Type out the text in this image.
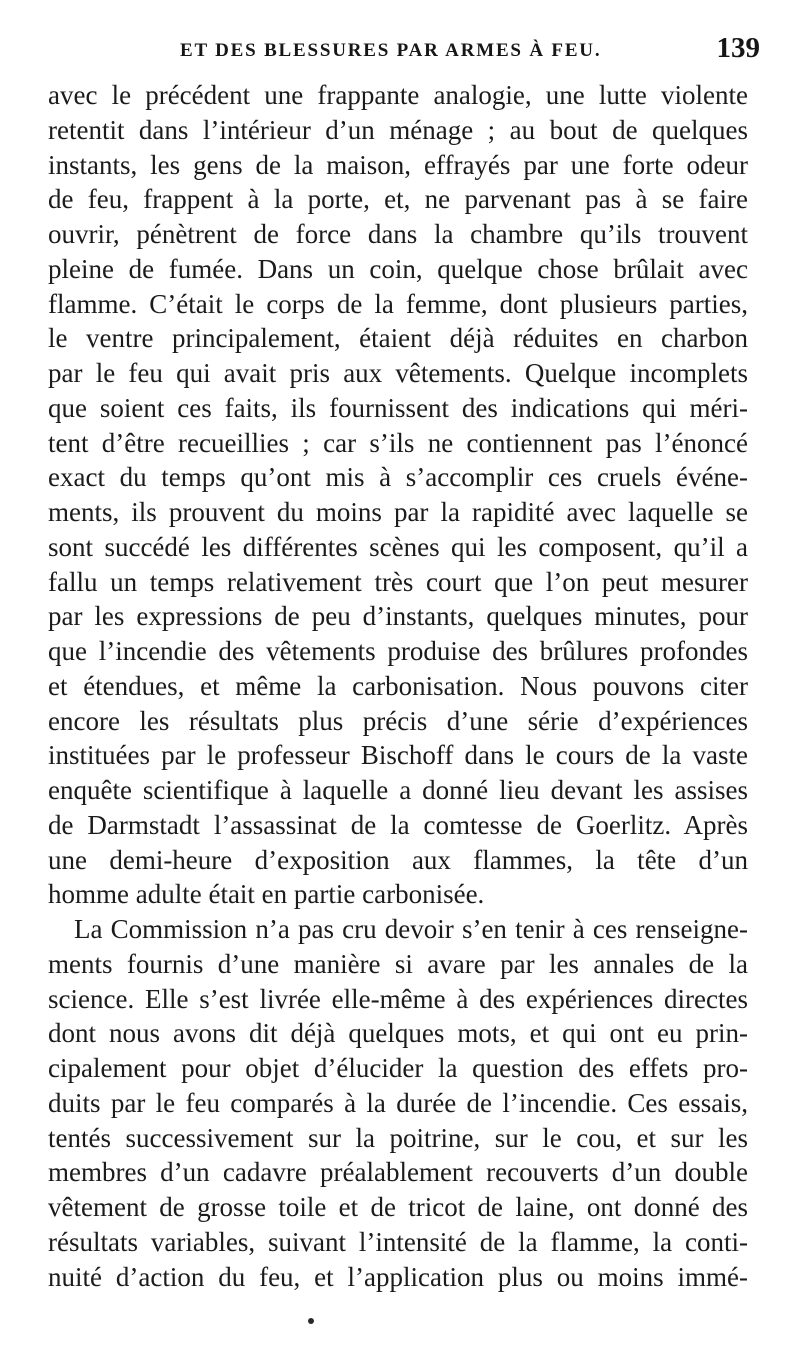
ET DES BLESSURES PAR ARMES À FEU.	139
avec le précédent une frappante analogie, une lutte violente
retentit dans l’intérieur d’un ménage ; au bout de quelques
instants, les gens de la maison, effrayés par une forte odeur
de feu, frappent à la porte, et, ne parvenant pas à se faire
ouvrir, pénètrent de force dans la chambre qu’ils trouvent
pleine de fumée. Dans un coin, quelque chose brûlait avec
flamme. C’était le corps de la femme, dont plusieurs parties,
le ventre principalement, étaient déjà réduites en charbon
par le feu qui avait pris aux vêtements. Quelque incomplets
que soient ces faits, ils fournissent des indications qui méri-
tent d’être recueillies ; car s’ils ne contiennent pas l’énoncé
exact du temps qu’ont mis à s’accomplir ces cruels événe-
ments, ils prouvent du moins par la rapidité avec laquelle se
sont succédé les différentes scènes qui les composent, qu’il a
fallu un temps relativement très court que l’on peut mesurer
par les expressions de peu d’instants, quelques minutes, pour
que l’incendie des vêtements produise des brûlures profondes
et étendues, et même la carbonisation. Nous pouvons citer
encore les résultats plus précis d’une série d’expériences
instituées par le professeur Bischoff dans le cours de la vaste
enquête scientifique à laquelle a donné lieu devant les assises
de Darmstadt l’assassinat de la comtesse de Goerlitz. Après
une demi-heure d’exposition aux flammes, la tête d’un
homme adulte était en partie carbonisée.
La Commission n’a pas cru devoir s’en tenir à ces renseigne-
ments fournis d’une manière si avare par les annales de la
science. Elle s’est livrée elle-même à des expériences directes
dont nous avons dit déjà quelques mots, et qui ont eu prin-
cipalement pour objet d’élucider la question des effets pro-
duits par le feu comparés à la durée de l’incendie. Ces essais,
tentés successivement sur la poitrine, sur le cou, et sur les
membres d’un cadavre préalablement recouverts d’un double
vêtement de grosse toile et de tricot de laine, ont donné des
résultats variables, suivant l’intensité de la flamme, la conti-
nuité d’action du feu, et l’application plus ou moins immé-
